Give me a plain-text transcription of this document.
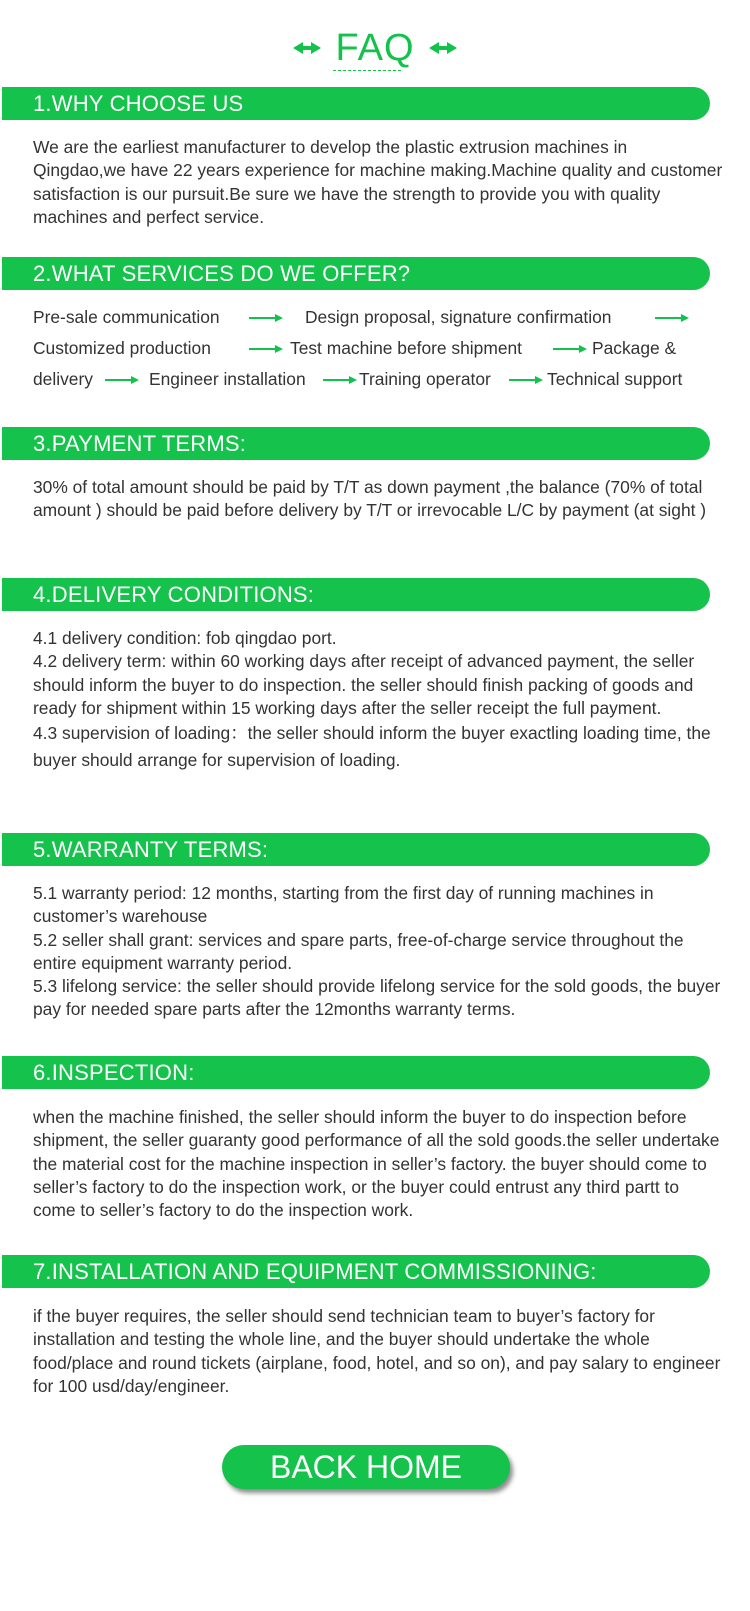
FAQ
1.WHY CHOOSE US

We are the earliest manufacturer to develop the plastic extrusion machines in Qingdao,we have 22 years experience for machine making.Machine quality and customer satisfaction is our pursuit.Be sure we have the strength to provide you with quality machines and perfect service.

2.WHAT SERVICES DO WE OFFER?
Pre-sale communication	Design proposal, signature confirmation
Customized production	Test machine before shipment	Package &
delivery	Engineer installation	Training operator	Technical support
3.PAYMENT TERMS:

30% of total amount should be paid by T/T as down payment ,the balance (70% of total amount ) should be paid before delivery by T/T or irrevocable L/C by payment (at sight )

4.DELIVERY CONDITIONS:

4.1 delivery condition: fob qingdao port.

4.2 delivery term: within 60 working days after receipt of advanced payment, the seller should inform the buyer to do inspection. the seller should finish packing of goods and ready for shipment within 15 working days after the seller receipt the full payment.

4.3 supervision of loading：the seller should inform the buyer exactling loading time, the buyer should arrange for supervision of loading.

5.WARRANTY TERMS:

5.1 warranty period: 12 months, starting from the first day of running machines in customer’s warehouse

5.2 seller shall grant: services and spare parts, free-of-charge service throughout the entire equipment warranty period.

5.3 lifelong service: the seller should provide lifelong service for the sold goods, the buyer pay for needed spare parts after the 12months warranty terms.

6.INSPECTION:

when the machine finished, the seller should inform the buyer to do inspection before shipment, the seller guaranty good performance of all the sold goods.the seller undertake the material cost for the machine inspection in seller’s factory. the buyer should come to seller’s factory to do the inspection work, or the buyer could entrust any third partt to come to seller’s factory to do the inspection work.

7.INSTALLATION AND EQUIPMENT COMMISSIONING:

if the buyer requires, the seller should send technician team to buyer’s factory for installation and testing the whole line, and the buyer should undertake the whole food/place and round tickets (airplane, food, hotel, and so on), and pay salary to engineer for 100 usd/day/engineer.

BACK HOME
